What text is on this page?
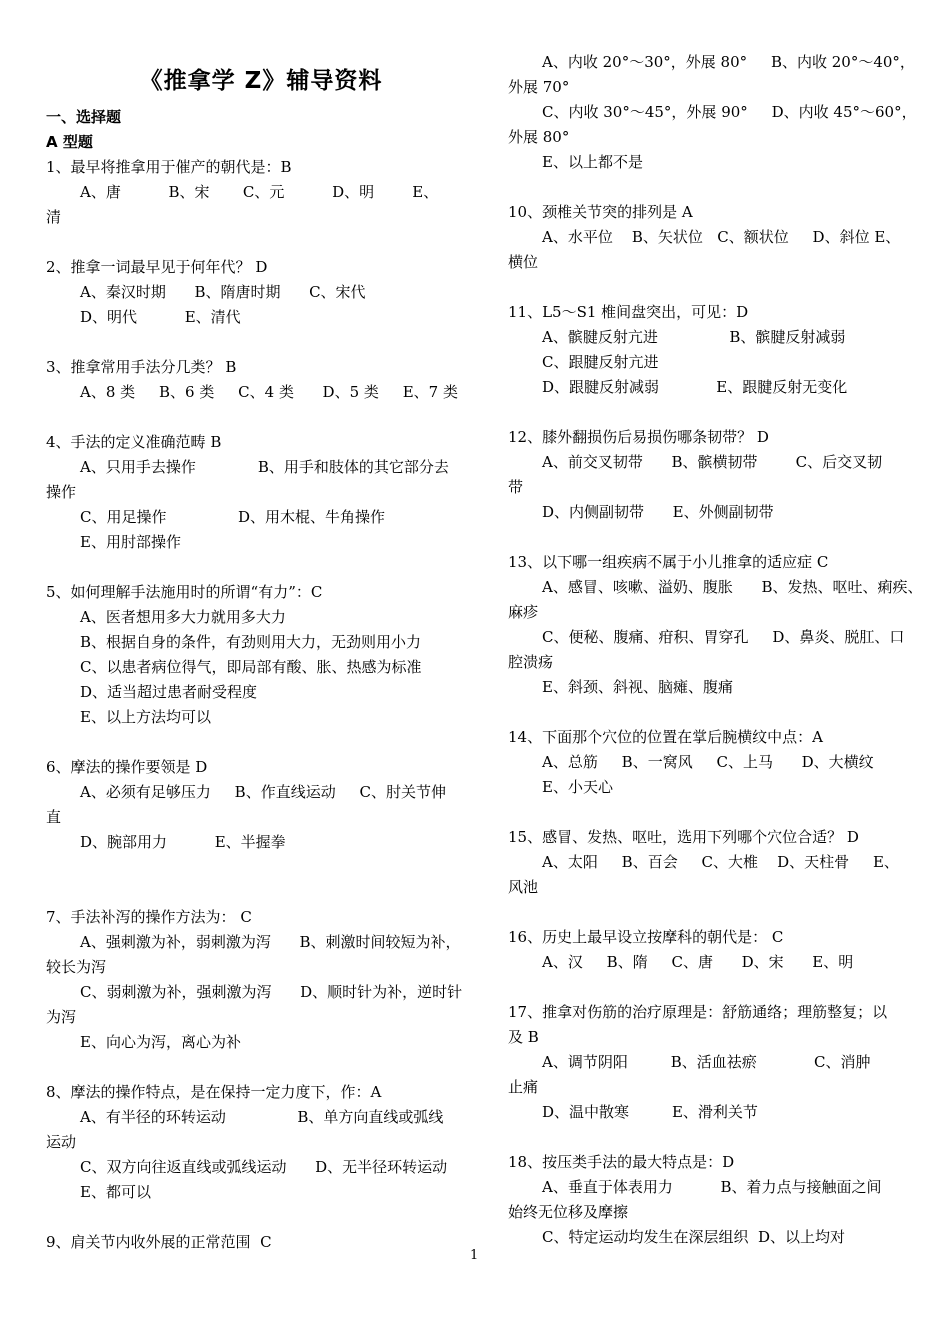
《推拿学 Z》辅导资料
一、选择题
A 型题
1、最早将推拿用于催产的朝代是：B
A、唐          B、宋       C、元          D、明        E、
清
2、推拿一词最早见于何年代？ D
A、秦汉时期      B、隋唐时期      C、宋代
D、明代          E、清代
3、推拿常用手法分几类？ B
A、8 类     B、6 类     C、4 类      D、5 类     E、7 类
4、手法的定义准确范畴 B
A、只用手去操作             B、用手和肢体的其它部分去
操作
C、用足操作               D、用木棍、牛角操作
E、用肘部操作
5、如何理解手法施用时的所谓“有力”：C
A、医者想用多大力就用多大力
B、根据自身的条件，有劲则用大力，无劲则用小力
C、以患者病位得气，即局部有酸、胀、热感为标准
D、适当超过患者耐受程度
E、以上方法均可以
6、摩法的操作要领是 D
A、必须有足够压力     B、作直线运动     C、肘关节伸
直
D、腕部用力          E、半握拳
7、手法补泻的操作方法为： C
A、强刺激为补，弱刺激为泻      B、刺激时间较短为补，
较长为泻
C、弱刺激为补，强刺激为泻      D、顺时针为补，逆时针
为泻
E、向心为泻，离心为补
8、摩法的操作特点，是在保持一定力度下，作：A
A、有半径的环转运动               B、单方向直线或弧线
运动
C、双方向往返直线或弧线运动      D、无半径环转运动
E、都可以
9、肩关节内收外展的正常范围  C
A、内收 20°～30°，外展 80°     B、内收 20°～40°，
外展 70°
C、内收 30°～45°，外展 90°     D、内收 45°～60°，
外展 80°
E、以上都不是
10、颈椎关节突的排列是 A
A、水平位    B、矢状位   C、额状位     D、斜位 E、
横位
11、L5～S1 椎间盘突出，可见：D
A、髌腱反射亢进               B、髌腱反射减弱
C、跟腱反射亢进
D、跟腱反射减弱            E、跟腱反射无变化
12、膝外翻损伤后易损伤哪条韧带？ D
A、前交叉韧带      B、髌横韧带        C、后交叉韧
带
D、内侧副韧带      E、外侧副韧带
13、以下哪一组疾病不属于小儿推拿的适应症 C
A、感冒、咳嗽、溢奶、腹胀      B、发热、呕吐、痢疾、
麻疹
C、便秘、腹痛、疳积、胃穿孔     D、鼻炎、脱肛、口
腔溃疡
E、斜颈、斜视、脑瘫、腹痛
14、下面那个穴位的位置在掌后腕横纹中点：A
A、总筋     B、一窝风     C、上马      D、大横纹
E、小天心
15、感冒、发热、呕吐，选用下列哪个穴位合适？ D
A、太阳     B、百会     C、大椎    D、天柱骨     E、
风池
16、历史上最早设立按摩科的朝代是： C
A、汉     B、隋     C、唐      D、宋      E、明
17、推拿对伤筋的治疗原理是：舒筋通络；理筋整复；以
及 B
A、调节阴阳         B、活血祛瘀            C、消肿
止痛
D、温中散寒         E、滑利关节
18、按压类手法的最大特点是：D
A、垂直于体表用力          B、着力点与接触面之间
始终无位移及摩擦
C、特定运动均发生在深层组织  D、以上均对
1
